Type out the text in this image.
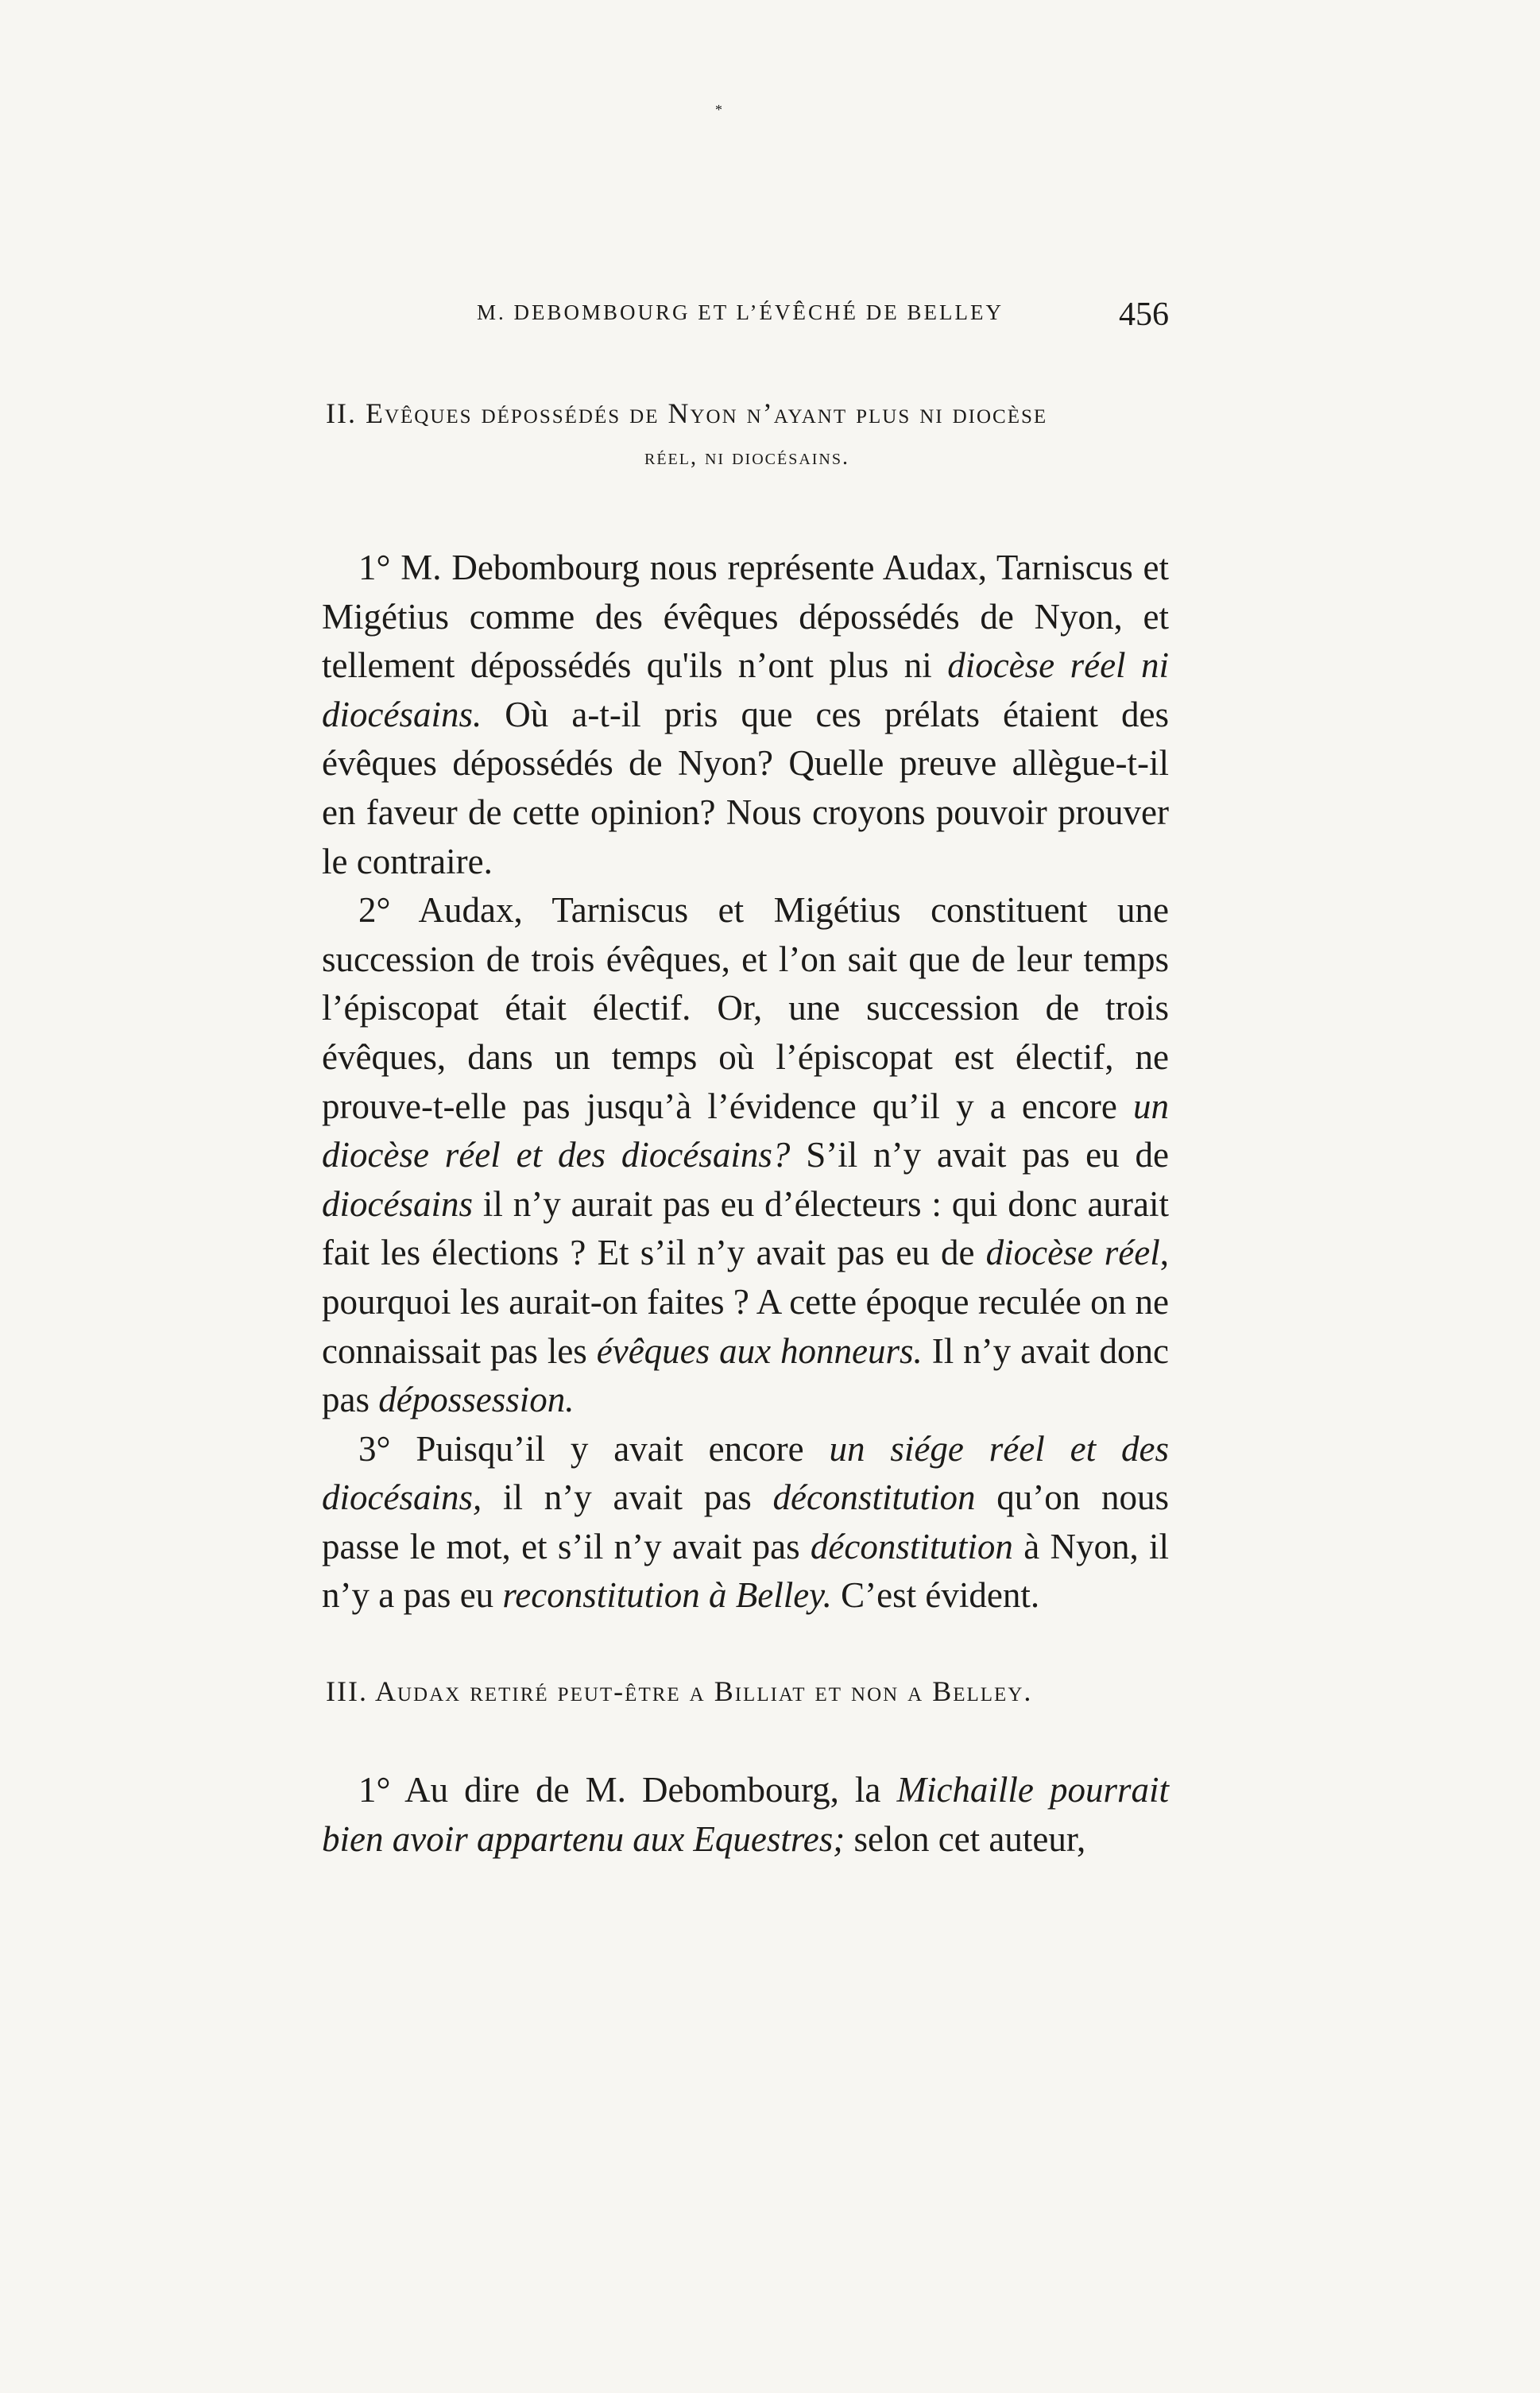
*
M. DEBOMBOURG ET L’ÉVÊCHÉ DE BELLEY	456
II. Evêques dépossédés de Nyon n’ayant plus ni diocèse
réel, ni diocésains.

1° M. Debombourg nous représente Audax, Tarniscus et Migétius comme des évêques dépossédés de Nyon, et tellement dépossédés qu'ils n’ont plus ni diocèse réel ni diocésains. Où a-t-il pris que ces prélats étaient des évêques dépossédés de Nyon? Quelle preuve allègue-t-il en faveur de cette opinion? Nous croyons pouvoir prouver le contraire.

2° Audax, Tarniscus et Migétius constituent une succession de trois évêques, et l’on sait que de leur temps l’épiscopat était électif. Or, une succession de trois évêques, dans un temps où l’épiscopat est électif, ne prouve-t-elle pas jusqu’à l’évidence qu’il y a encore un diocèse réel et des diocésains? S’il n’y avait pas eu de diocésains il n’y aurait pas eu d’électeurs : qui donc aurait fait les élections ? Et s’il n’y avait pas eu de diocèse réel, pourquoi les aurait-on faites ? A cette époque reculée on ne connaissait pas les évêques aux honneurs. Il n’y avait donc pas dépossession.

3° Puisqu’il y avait encore un siége réel et des diocésains, il n’y avait pas déconstitution qu’on nous passe le mot, et s’il n’y avait pas déconstitution à Nyon, il n’y a pas eu reconstitution à Belley. C’est évident.

III. Audax retiré peut-être a Billiat et non a Belley.

1° Au dire de M. Debombourg, la Michaille pourrait bien avoir appartenu aux Equestres; selon cet auteur,
